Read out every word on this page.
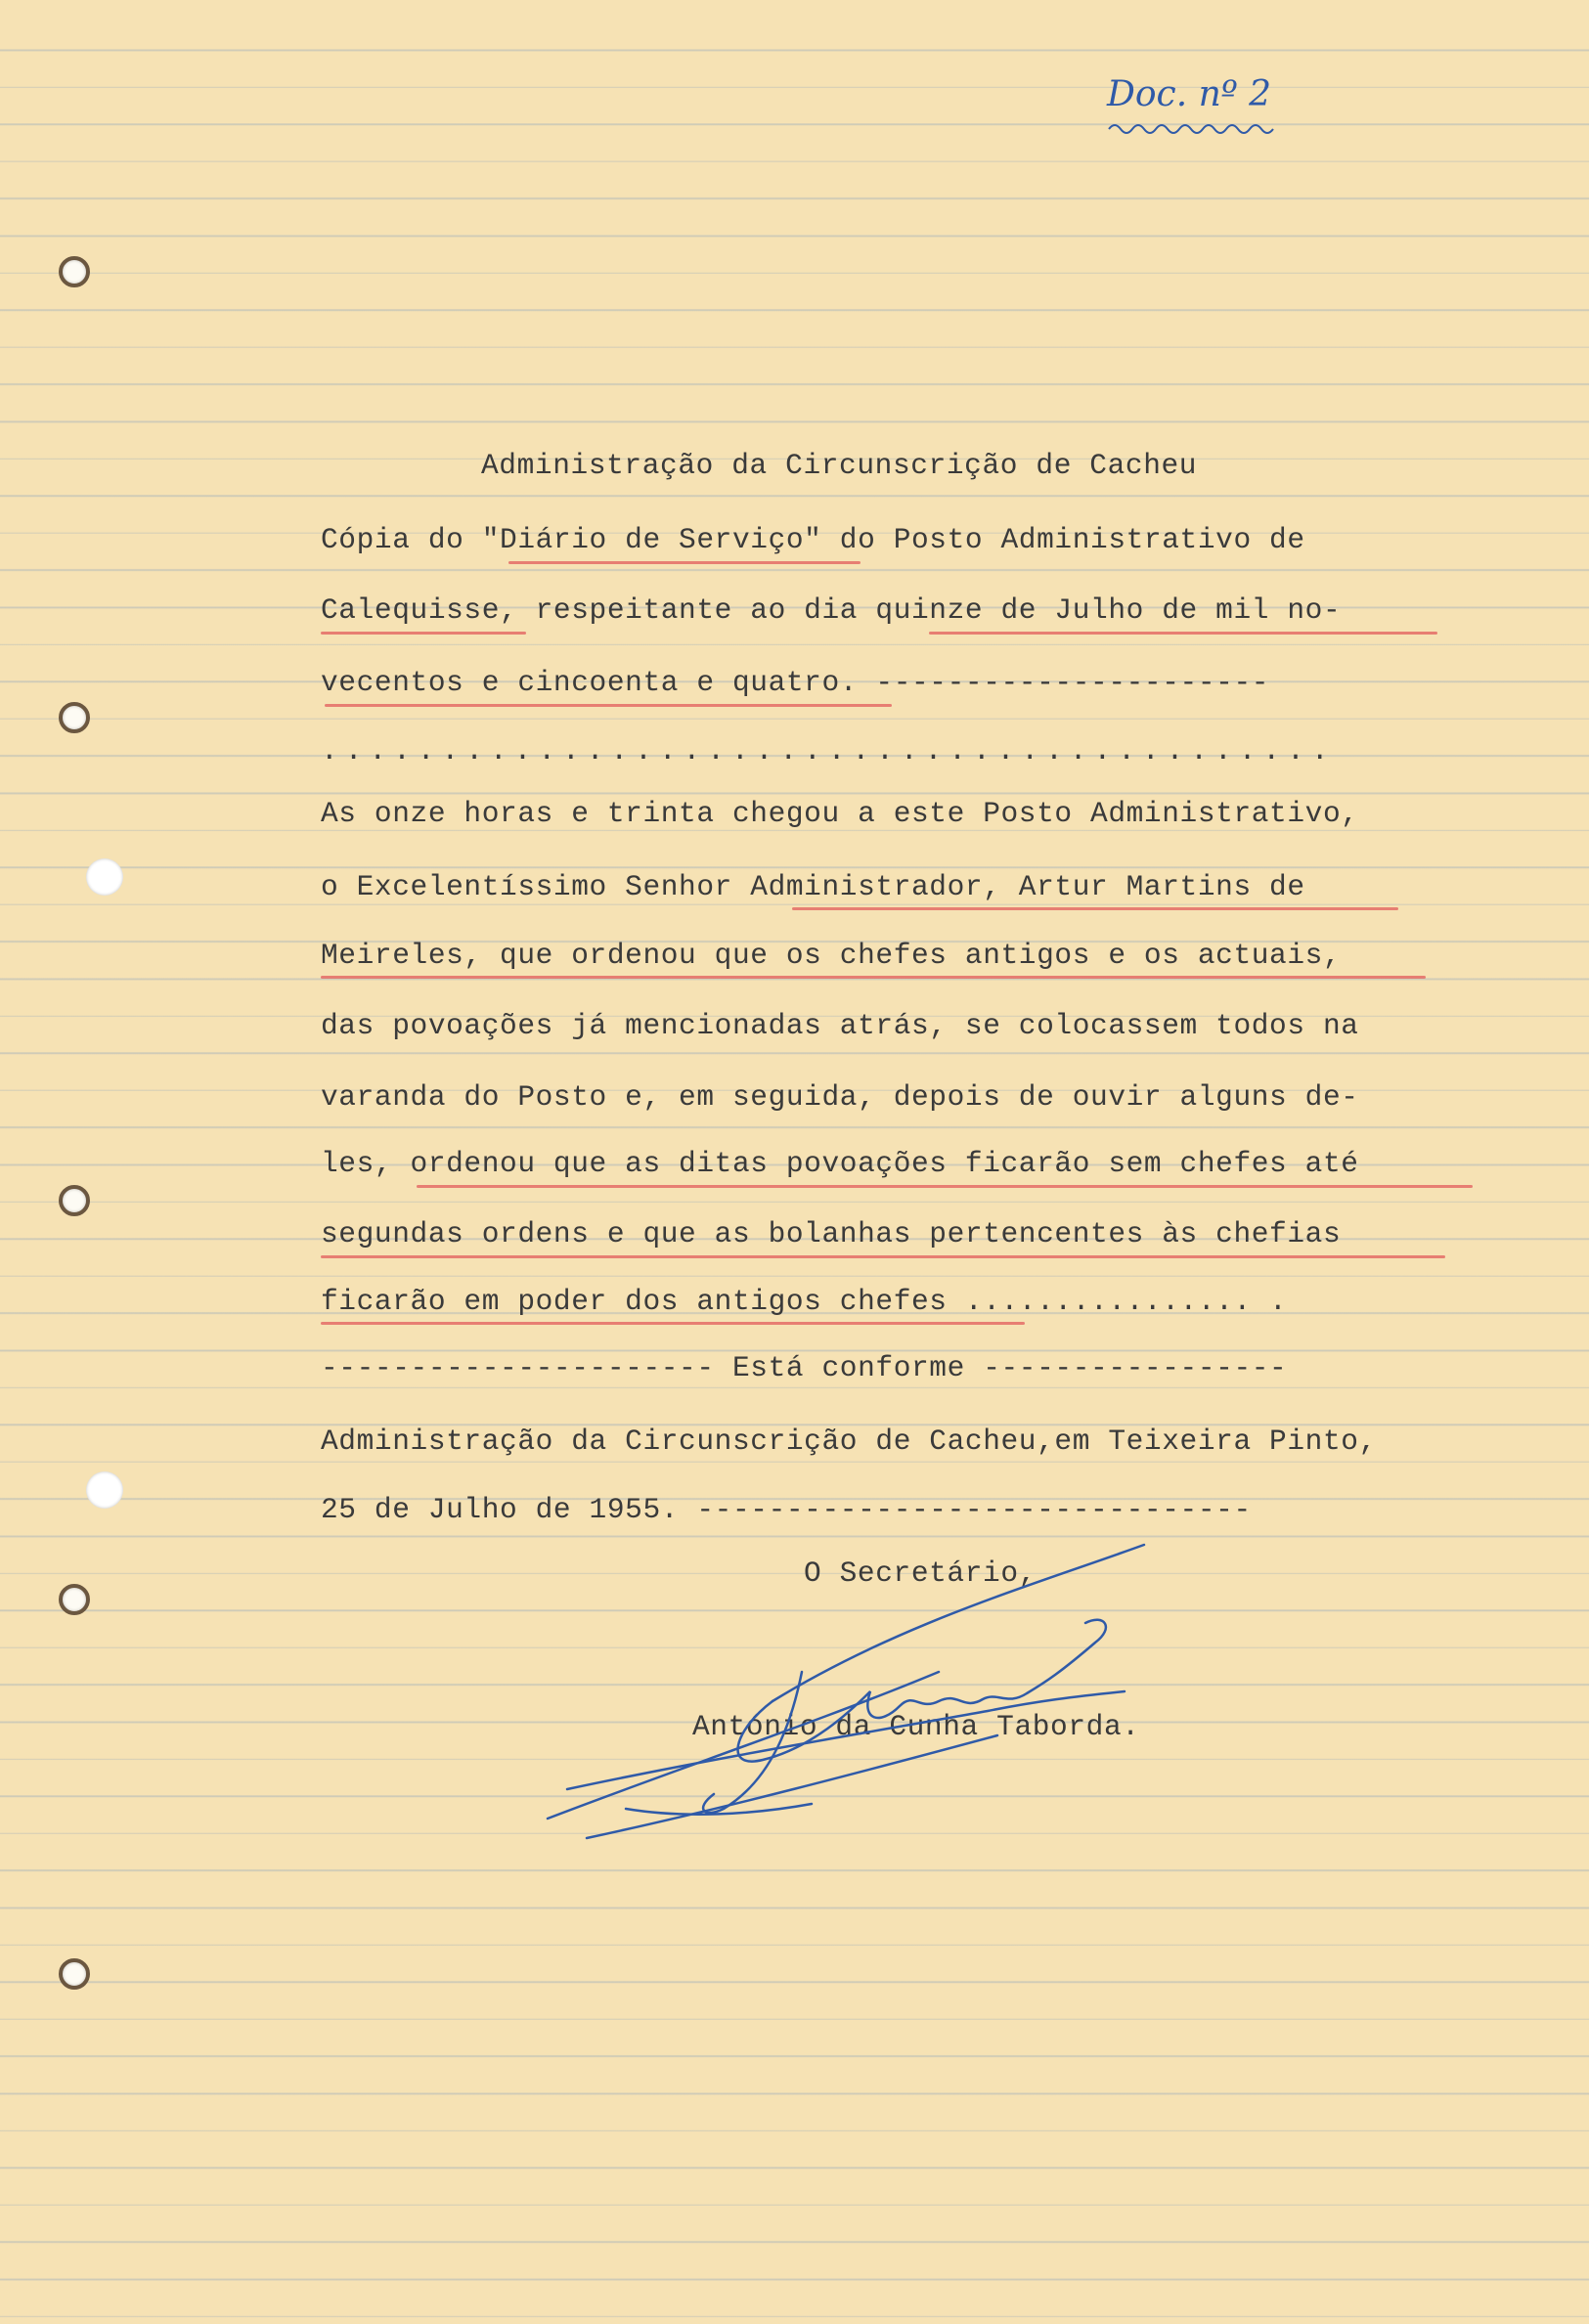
Doc. nº 2
Administração da Circunscrição de Cacheu
Cópia do "Diário de Serviço" do Posto Administrativo de
Calequisse, respeitante ao dia quinze de Julho de mil no-
vecentos e cincoenta e quatro. ----------------------
..........................................
As onze horas e trinta chegou a este Posto Administrativo,
o Excelentíssimo Senhor Administrador, Artur Martins de
Meireles, que ordenou que os chefes antigos e os actuais,
das povoações já mencionadas atrás, se colocassem todos na
varanda do Posto e, em seguida, depois de ouvir alguns de-
les, ordenou que as ditas povoações ficarão sem chefes até
segundas ordens e que as bolanhas pertencentes às chefias
ficarão em poder dos antigos chefes ................ .
---------------------- Está conforme -----------------
Administração da Circunscrição de Cacheu,em Teixeira Pinto,
25 de Julho de 1955. -------------------------------
O Secretário,
António da Cunha Taborda.
